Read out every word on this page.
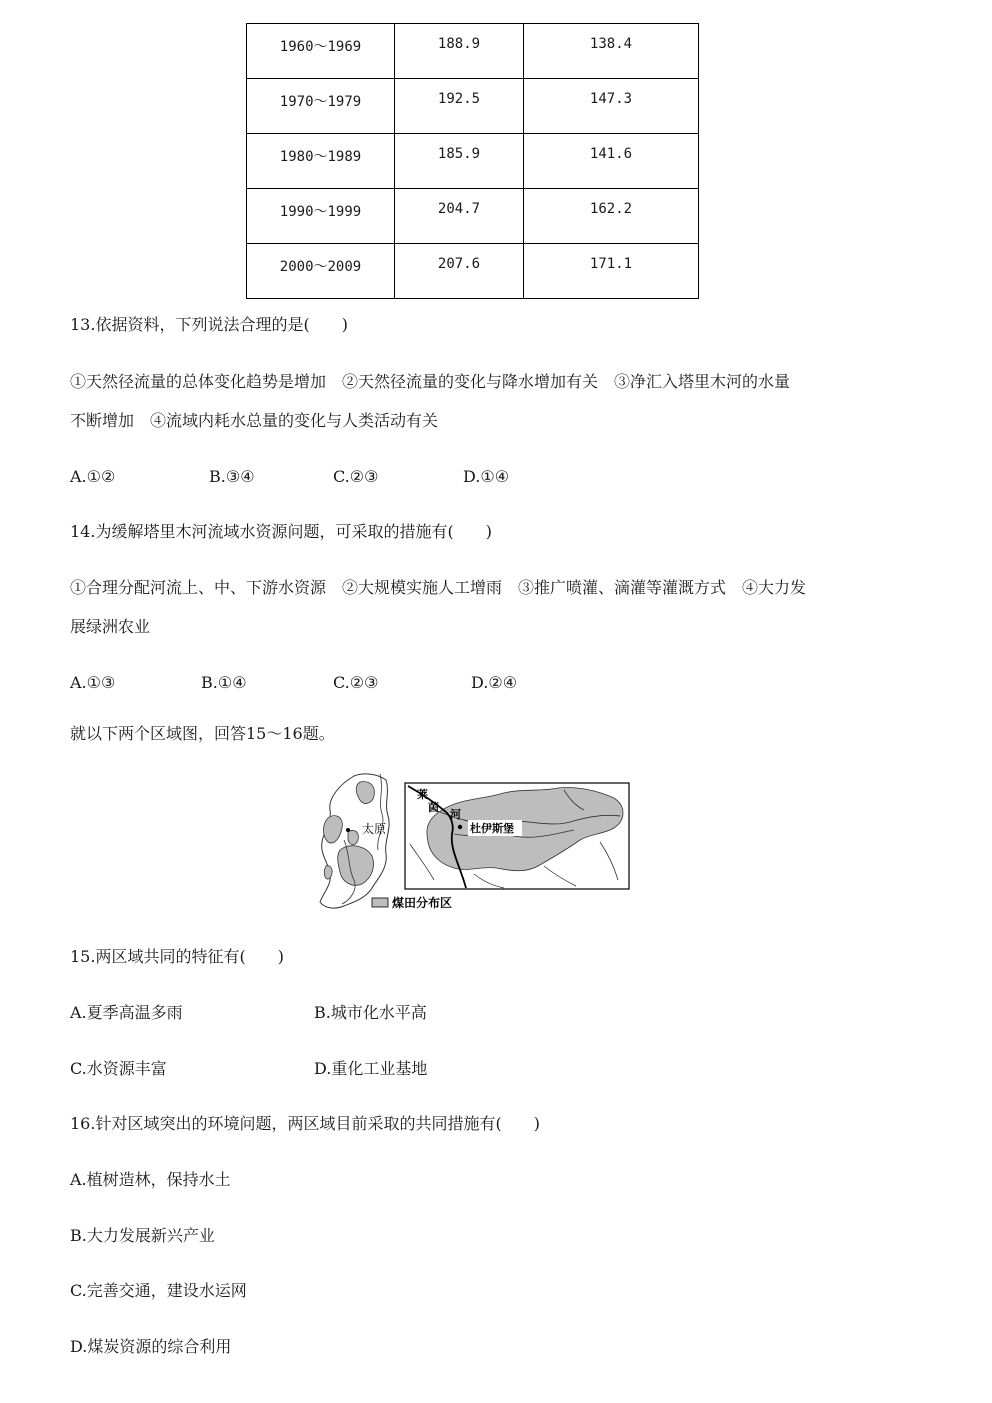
1960～1969	188.9	138.4
1970～1979	192.5	147.3
1980～1989	185.9	141.6
1990～1999	204.7	162.2
2000～2009	207.6	171.1
13.依据资料，下列说法合理的是(　　)
①天然径流量的总体变化趋势是增加　②天然径流量的变化与降水增加有关　③净汇入塔里木河的水量
不断增加　④流域内耗水总量的变化与人类活动有关
A.①②	B.③④	C.②③	D.①④
14.为缓解塔里木河流域水资源问题，可采取的措施有(　　)
①合理分配河流上、中、下游水资源　②大规模实施人工增雨　③推广喷灌、滴灌等灌溉方式　④大力发
展绿洲农业
A.①③	B.①④	C.②③	D.②④
就以下两个区域图，回答15～16题。
太原
莱
茵
河
杜伊斯堡
煤田分布区
15.两区域共同的特征有(　　)
A.夏季高温多雨	B.城市化水平高
C.水资源丰富	D.重化工业基地
16.针对区域突出的环境问题，两区域目前采取的共同措施有(　　)
A.植树造林，保持水土
B.大力发展新兴产业
C.完善交通，建设水运网
D.煤炭资源的综合利用
